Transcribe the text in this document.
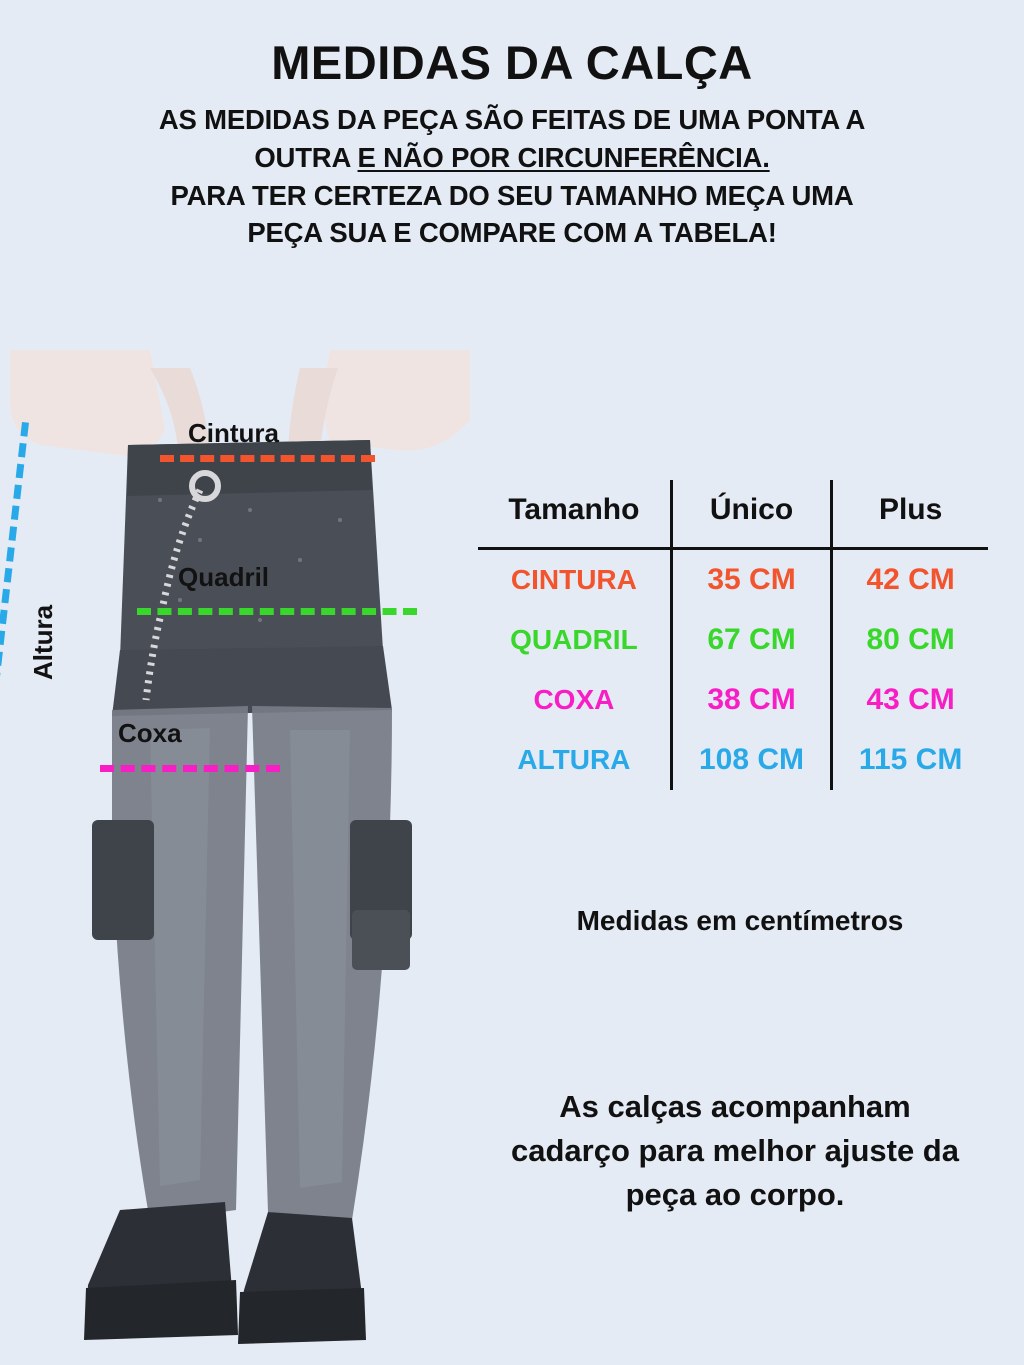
MEDIDAS DA CALÇA
AS MEDIDAS DA PEÇA SÃO FEITAS DE UMA PONTA A
OUTRA E NÃO POR CIRCUNFERÊNCIA.
PARA TER CERTEZA DO SEU TAMANHO MEÇA UMA
PEÇA SUA E COMPARE COM A TABELA!
Cintura
Quadril
Coxa
Altura
Tamanho	Único	Plus
CINTURA	35 CM	42 CM
QUADRIL	67 CM	80 CM
COXA	38 CM	43 CM
ALTURA	108 CM	115 CM
Medidas em centímetros
As calças acompanham
cadarço para melhor ajuste da
peça ao corpo.
